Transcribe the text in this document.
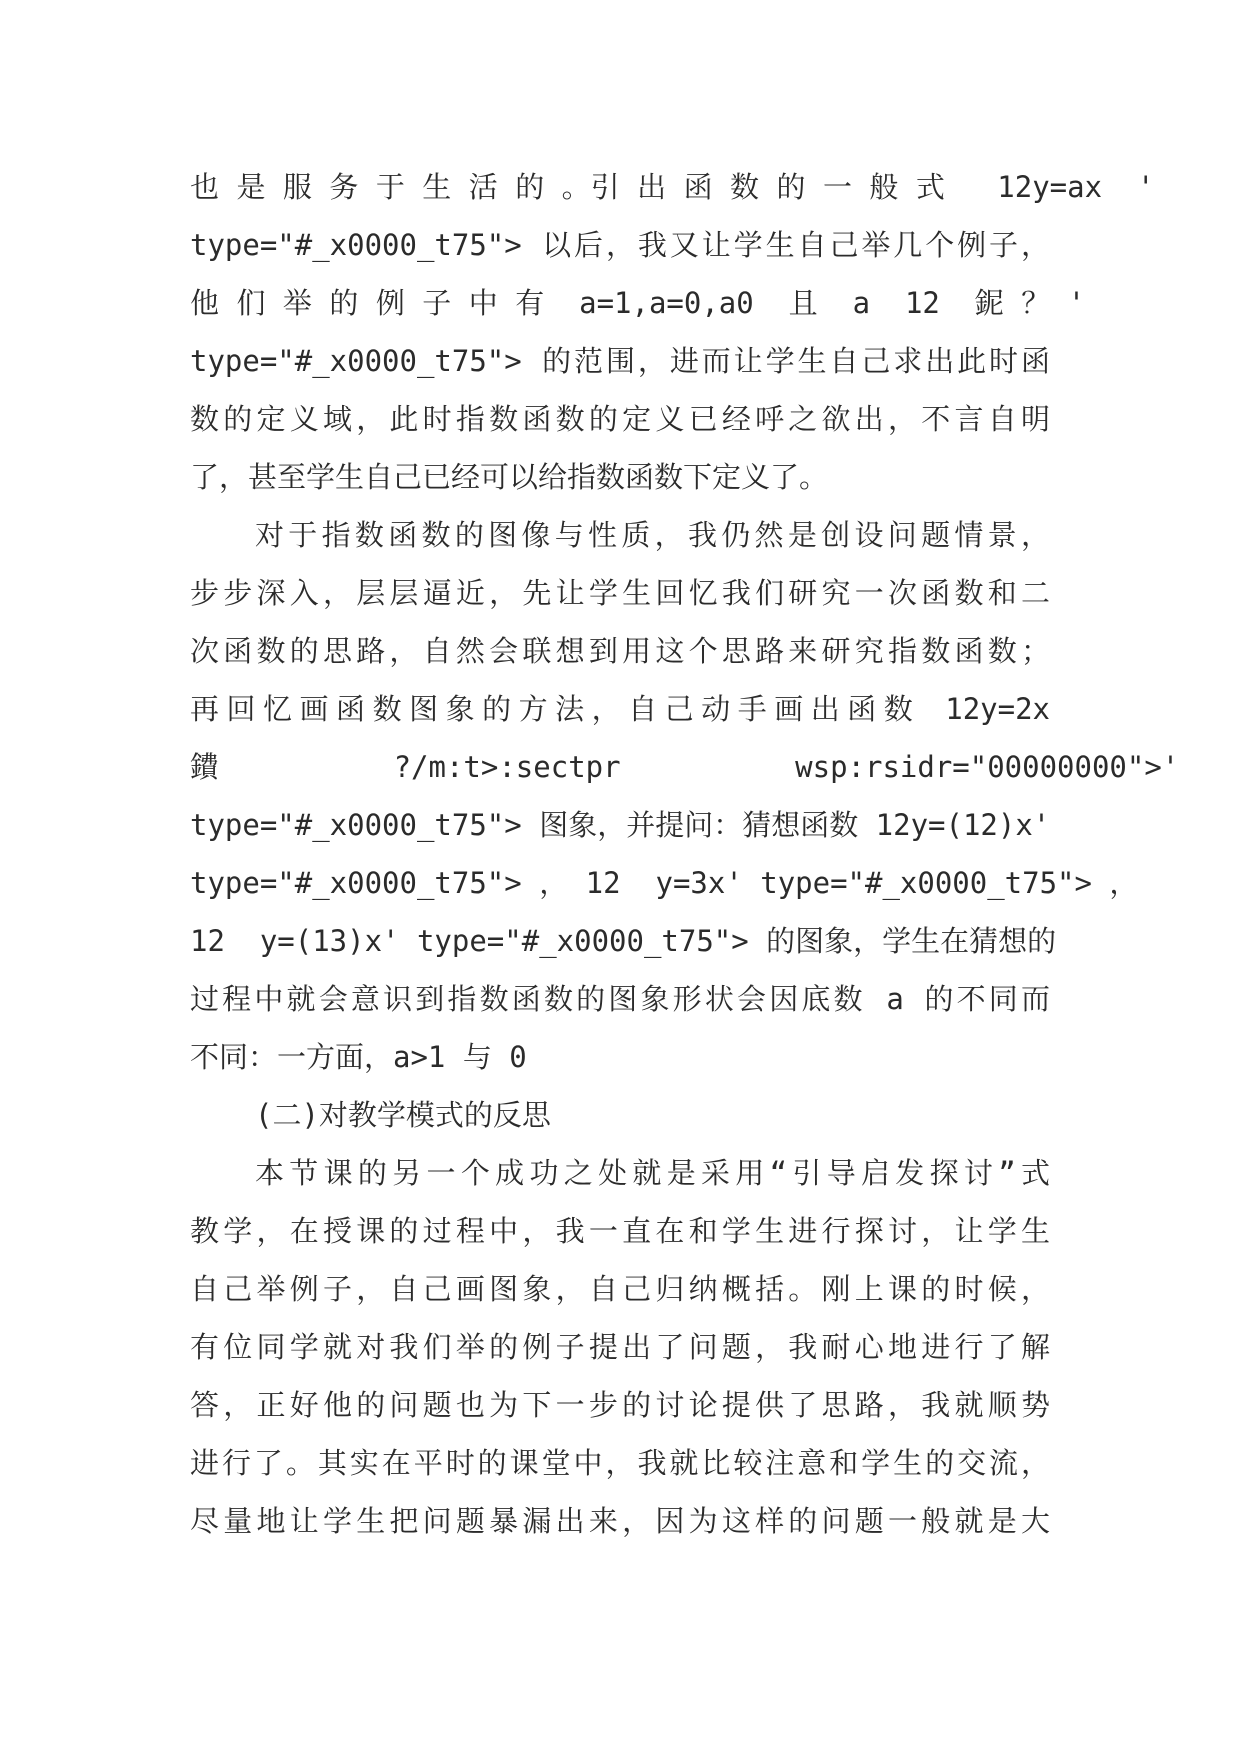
也 是 服 务 于 生 活 的 。引 出 函 数 的 一 般 式   12y=ax  '
type="#_x0000_t75"> 以后，我又让学生自己举几个例子，
他 们 举 的 例 子 中 有  a=1,a=0,a0  且  a  12  鈮 ？ '
type="#_x0000_t75"> 的范围，进而让学生自己求出此时函
数的定义域，此时指数函数的定义已经呼之欲出，不言自明
了，甚至学生自己已经可以给指数函数下定义了。
对于指数函数的图像与性质，我仍然是创设问题情景，
步步深入，层层逼近，先让学生回忆我们研究一次函数和二
次函数的思路，自然会联想到用这个思路来研究指数函数；
再回忆画函数图象的方法，自己动手画出函数 12y=2x
鐨          ?/m:t>:sectpr          wsp:rsidr="00000000">'
type="#_x0000_t75"> 图象，并提问：猜想函数 12y=(12)x'
type="#_x0000_t75"> ， 12  y=3x' type="#_x0000_t75"> ，
12  y=(13)x' type="#_x0000_t75"> 的图象，学生在猜想的
过程中就会意识到指数函数的图象形状会因底数 a 的不同而
不同：一方面，a>1 与 0
(二)对教学模式的反思
本节课的另一个成功之处就是采用“引导启发探讨”式
教学，在授课的过程中，我一直在和学生进行探讨，让学生
自己举例子，自己画图象，自己归纳概括。刚上课的时候，
有位同学就对我们举的例子提出了问题，我耐心地进行了解
答，正好他的问题也为下一步的讨论提供了思路，我就顺势
进行了。其实在平时的课堂中，我就比较注意和学生的交流，
尽量地让学生把问题暴漏出来，因为这样的问题一般就是大
